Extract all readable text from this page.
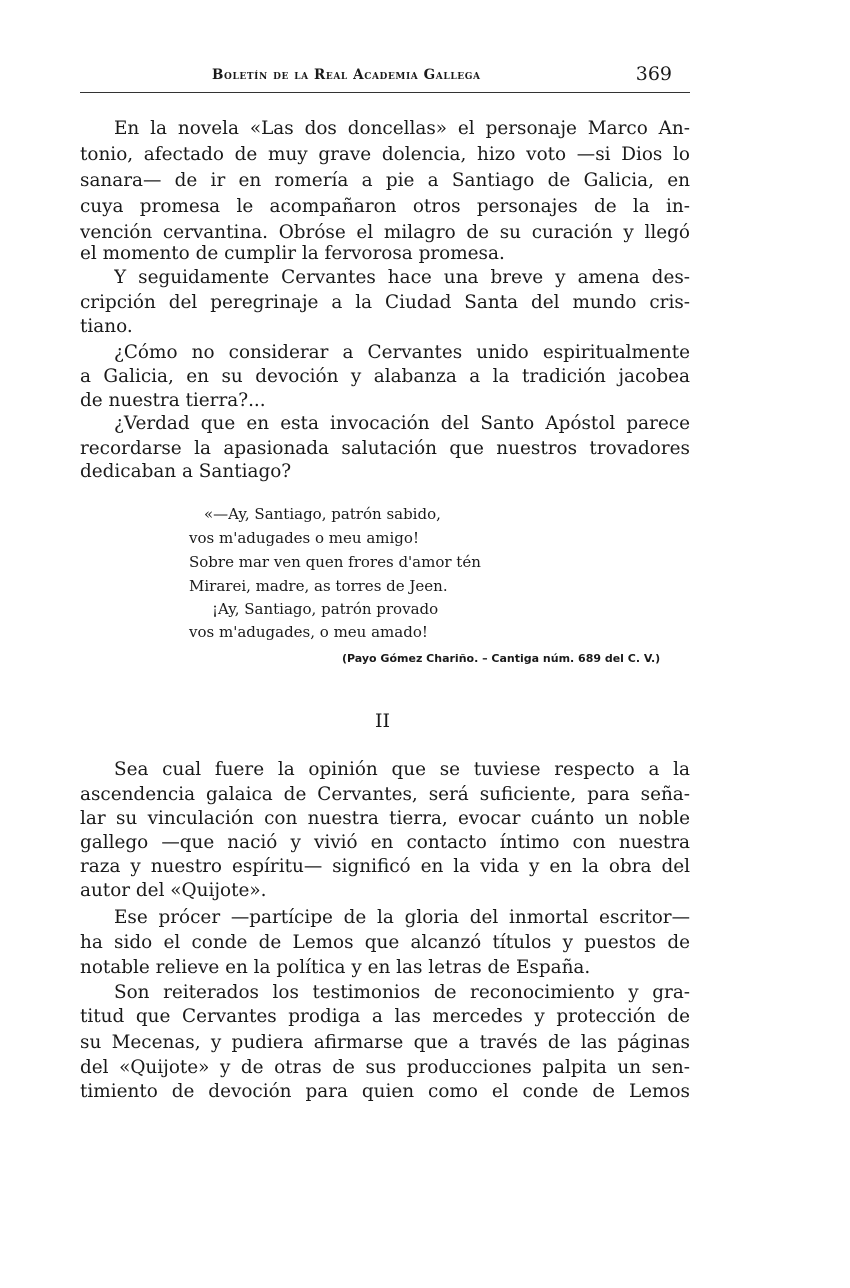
Boletín de la Real Academia Gallega	369
En la novela «Las dos doncellas» el personaje Marco An-
tonio, afectado de muy grave dolencia, hizo voto —si Dios lo
sanara— de ir en romería a pie a Santiago de Galicia, en
cuya promesa le acompañaron otros personajes de la in-
vención cervantina. Obróse el milagro de su curación y llegó
el momento de cumplir la fervorosa promesa.
Y seguidamente Cervantes hace una breve y amena des-
cripción del peregrinaje a la Ciudad Santa del mundo cris-
tiano.
¿Cómo no considerar a Cervantes unido espiritualmente
a Galicia, en su devoción y alabanza a la tradición jacobea
de nuestra tierra?...
¿Verdad que en esta invocación del Santo Apóstol parece
recordarse la apasionada salutación que nuestros trovadores
dedicaban a Santiago?
«—Ay, Santiago, patrón sabido,
vos m'adugades o meu amigo!
Sobre mar ven quen frores d'amor tén
Mirarei, madre, as torres de Jeen.
¡Ay, Santiago, patrón provado
vos m'adugades, o meu amado!
(Payo Gómez Chariño. – Cantiga núm. 689 del C. V.)
II
Sea cual fuere la opinión que se tuviese respecto a la
ascendencia galaica de Cervantes, será suficiente, para seña-
lar su vinculación con nuestra tierra, evocar cuánto un noble
gallego —que nació y vivió en contacto íntimo con nuestra
raza y nuestro espíritu— significó en la vida y en la obra del
autor del «Quijote».
Ese prócer —partícipe de la gloria del inmortal escritor—
ha sido el conde de Lemos que alcanzó títulos y puestos de
notable relieve en la política y en las letras de España.
Son reiterados los testimonios de reconocimiento y gra-
titud que Cervantes prodiga a las mercedes y protección de
su Mecenas, y pudiera afirmarse que a través de las páginas
del «Quijote» y de otras de sus producciones palpita un sen-
timiento de devoción para quien como el conde de Lemos
